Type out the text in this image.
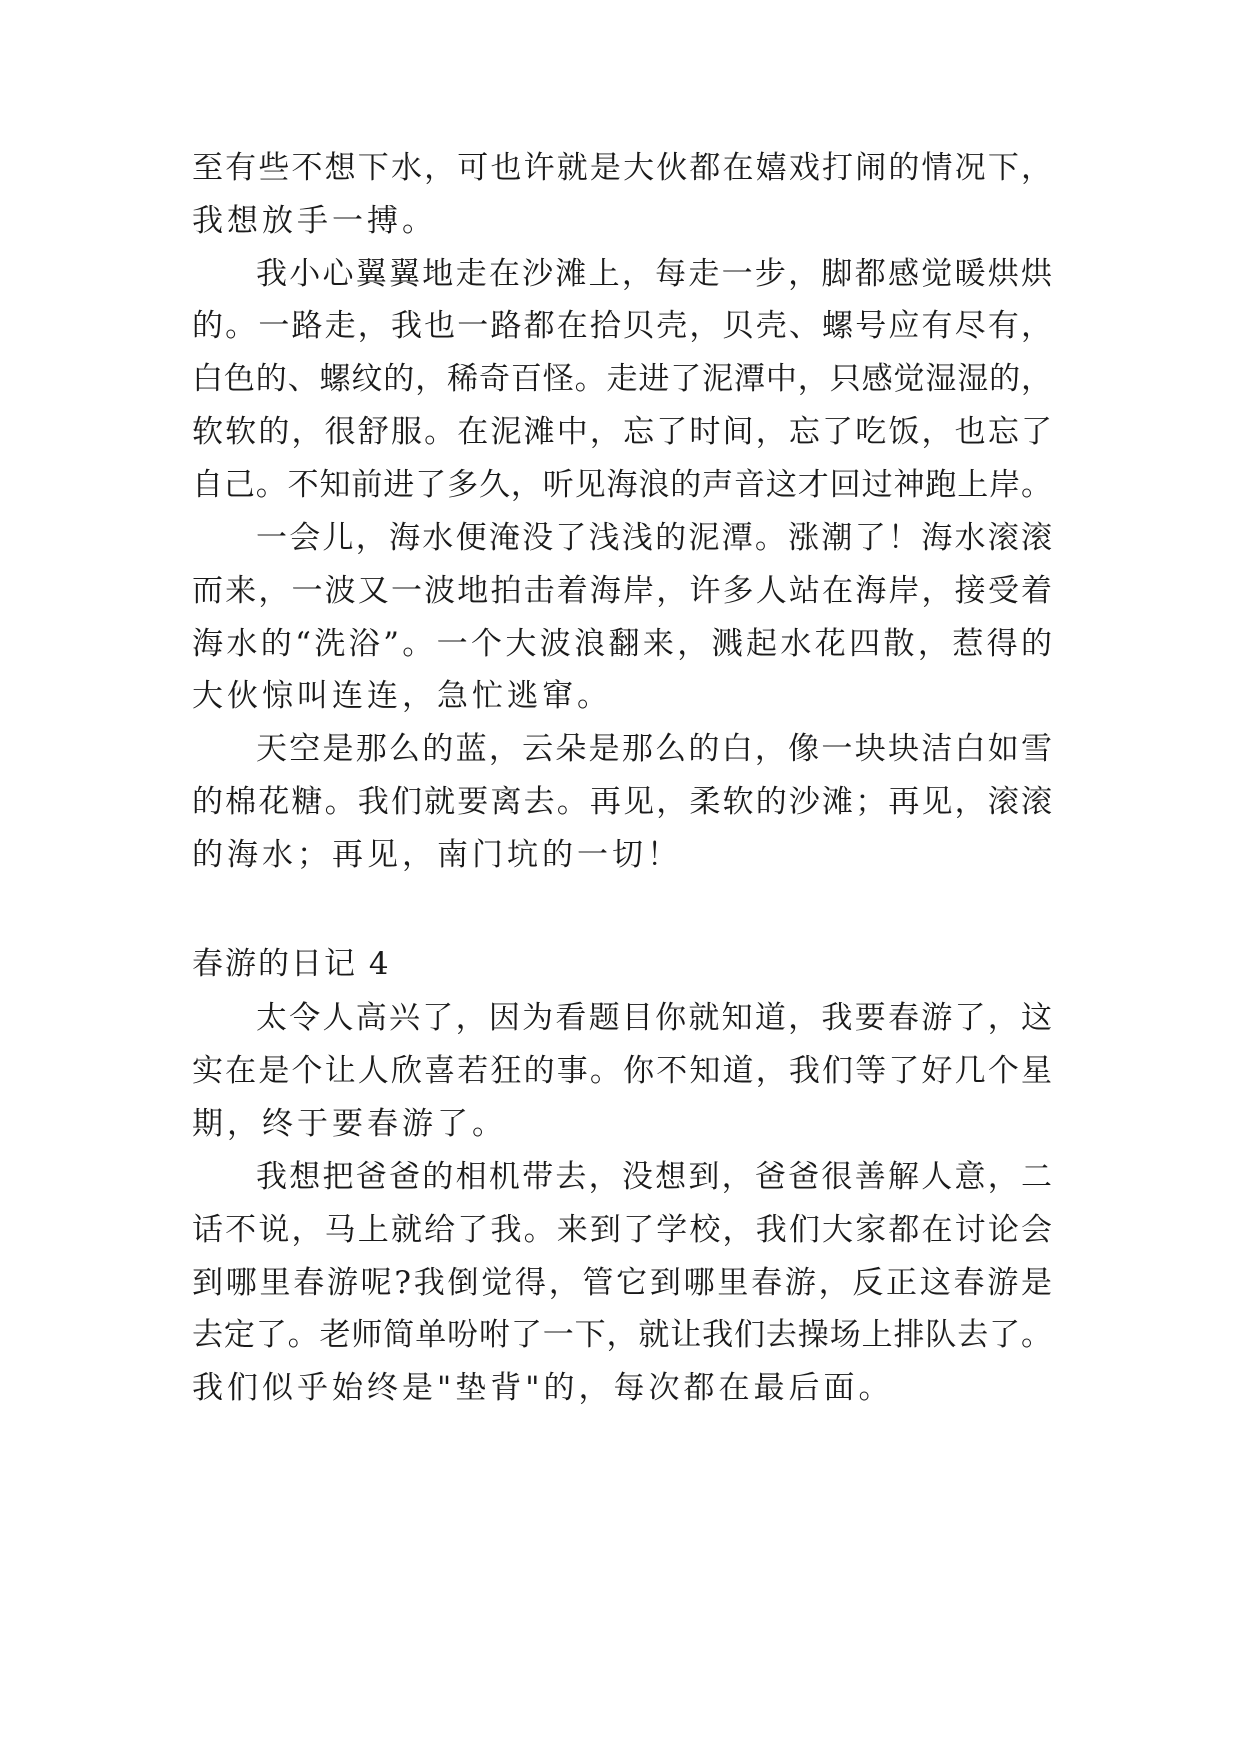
至有些不想下水，可也许就是大伙都在嬉戏打闹的情况下，
我想放手一搏。
我小心翼翼地走在沙滩上，每走一步，脚都感觉暖烘烘
的。一路走，我也一路都在拾贝壳，贝壳、螺号应有尽有，
白色的、螺纹的，稀奇百怪。走进了泥潭中，只感觉湿湿的，
软软的，很舒服。在泥滩中，忘了时间，忘了吃饭，也忘了
自己。不知前进了多久，听见海浪的声音这才回过神跑上岸。
一会儿，海水便淹没了浅浅的泥潭。涨潮了！海水滚滚
而来，一波又一波地拍击着海岸，许多人站在海岸，接受着
海水的“洗浴”。一个大波浪翻来，溅起水花四散，惹得的
大伙惊叫连连，急忙逃窜。
天空是那么的蓝，云朵是那么的白，像一块块洁白如雪
的棉花糖。我们就要离去。再见，柔软的沙滩；再见，滚滚
的海水；再见，南门坑的一切！
春游的日记 4
太令人高兴了，因为看题目你就知道，我要春游了，这
实在是个让人欣喜若狂的事。你不知道，我们等了好几个星
期，终于要春游了。
我想把爸爸的相机带去，没想到，爸爸很善解人意，二
话不说，马上就给了我。来到了学校，我们大家都在讨论会
到哪里春游呢?我倒觉得，管它到哪里春游，反正这春游是
去定了。老师简单吩咐了一下，就让我们去操场上排队去了。
我们似乎始终是"垫背"的，每次都在最后面。
